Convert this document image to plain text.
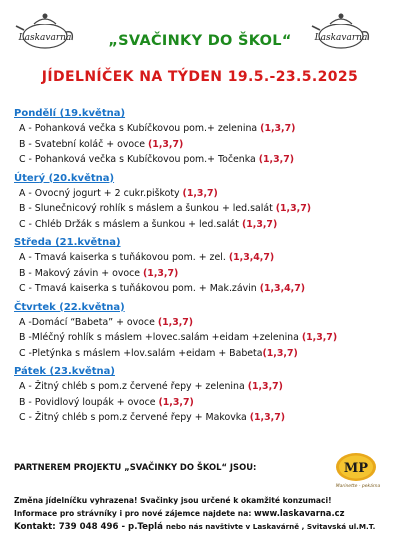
Laskavarna	Laskavarna
„SVAČINKY DO ŠKOL“
JÍDELNÍČEK NA TÝDEN 19.5.-23.5.2025
Pondělí (19.května)
A - Pohanková večka s Kubíčkovou pom.+ zelenina (1,3,7)
B - Svatební koláč + ovoce (1,3,7)
C - Pohanková večka s Kubíčkovou pom.+ Točenka (1,3,7)
Úterý (20.května)
A - Ovocný jogurt + 2 cukr.piškoty (1,3,7)
B - Slunečnicový rohlík s máslem a šunkou + led.salát (1,3,7)
C - Chléb Držák s máslem a šunkou + led.salát (1,3,7)
Středa (21.května)
A - Tmavá kaiserka s tuňákovou pom. + zel. (1,3,4,7)
B - Makový závin + ovoce (1,3,7)
C - Tmavá kaiserka s tuňákovou pom. + Mak.závin (1,3,4,7)
Čtvrtek (22.května)
A -Domácí “Babeta” + ovoce (1,3,7)
B -Mléčný rohlík s máslem +lovec.salám +eidam +zelenina (1,3,7)
C -Pletýnka s máslem +lov.salám +eidam + Babeta(1,3,7)
Pátek (23.května)
A - Žitný chléb s pom.z červené řepy + zelenina (1,3,7)
B - Povidlový loupák + ovoce (1,3,7)
C - Žitný chléb s pom.z červené řepy + Makovka (1,3,7)
PARTNEREM PROJEKTU „SVAČINKY DO ŠKOL“ JSOU:	MP
Marinette - pekárna
Změna jídelníčku vyhrazena! Svačinky jsou určené k okamžité konzumaci!
Informace pro strávníky i pro nové zájemce najdete na: www.laskavarna.cz
Kontakt: 739 048 496 - p.Teplá nebo nás navštivte v Laskavárně , Svitavská ul.M.T.
